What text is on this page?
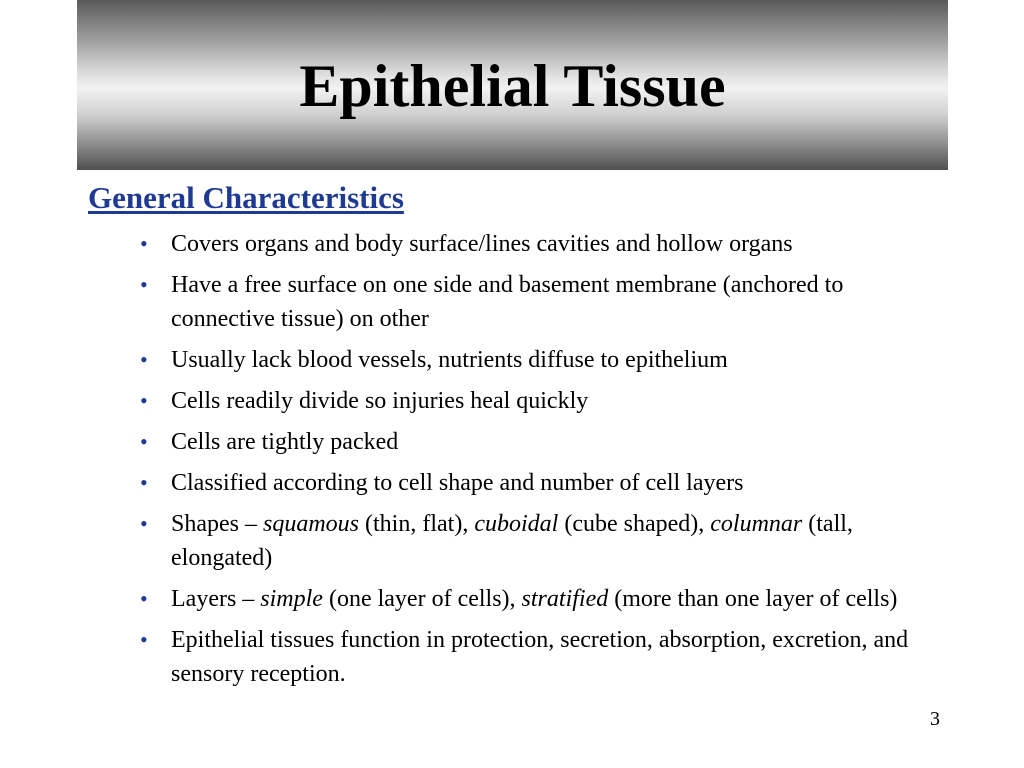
Epithelial Tissue
General Characteristics
• Covers organs and body surface/lines cavities and hollow organs
• Have a free surface on one side and basement membrane (anchored to connective tissue) on other
• Usually lack blood vessels, nutrients diffuse to epithelium
• Cells readily divide so injuries heal quickly
• Cells are tightly packed
• Classified according to cell shape and number of cell layers
• Shapes – squamous (thin, flat), cuboidal (cube shaped), columnar (tall, elongated)
• Layers – simple (one layer of cells), stratified (more than one layer of cells)
• Epithelial tissues function in protection, secretion, absorption, excretion, and sensory reception.
3
